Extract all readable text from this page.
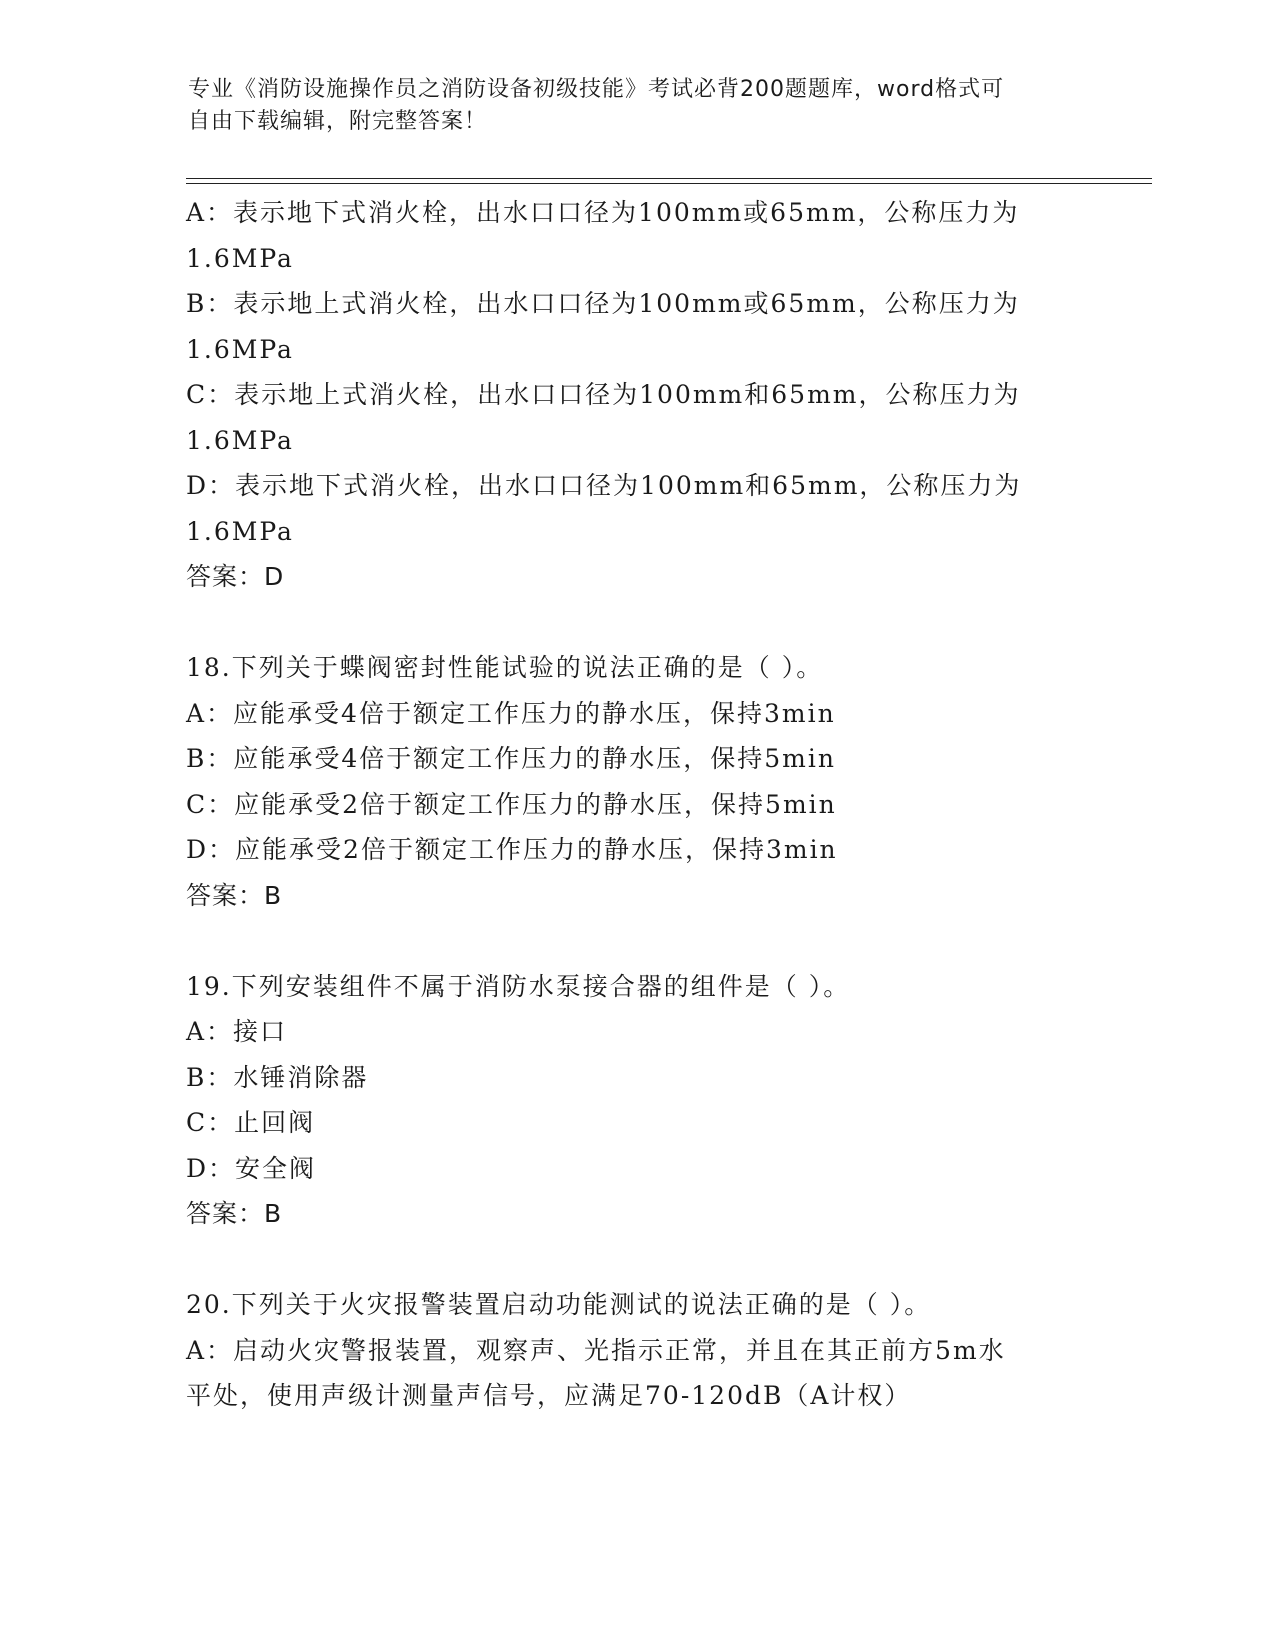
专业《消防设施操作员之消防设备初级技能》考试必背200题题库，word格式可
自由下载编辑，附完整答案！
A：表示地下式消火栓，出水口口径为100mm或65mm，公称压力为
1.6MPa
B：表示地上式消火栓，出水口口径为100mm或65mm，公称压力为
1.6MPa
C：表示地上式消火栓，出水口口径为100mm和65mm，公称压力为
1.6MPa
D：表示地下式消火栓，出水口口径为100mm和65mm，公称压力为
1.6MPa
答案：D
18.下列关于蝶阀密封性能试验的说法正确的是（ ）。
A：应能承受4倍于额定工作压力的静水压，保持3min
B：应能承受4倍于额定工作压力的静水压，保持5min
C：应能承受2倍于额定工作压力的静水压，保持5min
D：应能承受2倍于额定工作压力的静水压，保持3min
答案：B
19.下列安装组件不属于消防水泵接合器的组件是（ ）。
A：接口
B：水锤消除器
C：止回阀
D：安全阀
答案：B
20.下列关于火灾报警装置启动功能测试的说法正确的是（ ）。
A：启动火灾警报装置，观察声、光指示正常，并且在其正前方5m水
平处，使用声级计测量声信号，应满足70-120dB（A计权）
